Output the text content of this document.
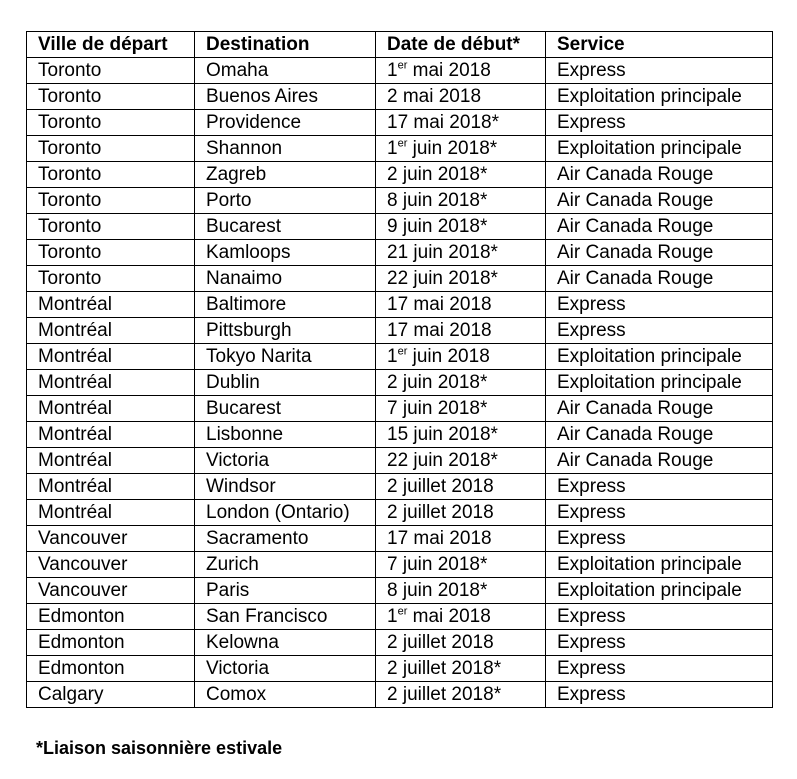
Ville de départ	Destination	Date de début*	Service
Toronto	Omaha	1er mai 2018	Express
Toronto	Buenos Aires	2 mai 2018	Exploitation principale
Toronto	Providence	17 mai 2018*	Express
Toronto	Shannon	1er juin 2018*	Exploitation principale
Toronto	Zagreb	2 juin 2018*	Air Canada Rouge
Toronto	Porto	8 juin 2018*	Air Canada Rouge
Toronto	Bucarest	9 juin 2018*	Air Canada Rouge
Toronto	Kamloops	21 juin 2018*	Air Canada Rouge
Toronto	Nanaimo	22 juin 2018*	Air Canada Rouge
Montréal	Baltimore	17 mai 2018	Express
Montréal	Pittsburgh	17 mai 2018	Express
Montréal	Tokyo Narita	1er juin 2018	Exploitation principale
Montréal	Dublin	2 juin 2018*	Exploitation principale
Montréal	Bucarest	7 juin 2018*	Air Canada Rouge
Montréal	Lisbonne	15 juin 2018*	Air Canada Rouge
Montréal	Victoria	22 juin 2018*	Air Canada Rouge
Montréal	Windsor	2 juillet 2018	Express
Montréal	London (Ontario)	2 juillet 2018	Express
Vancouver	Sacramento	17 mai 2018	Express
Vancouver	Zurich	7 juin 2018*	Exploitation principale
Vancouver	Paris	8 juin 2018*	Exploitation principale
Edmonton	San Francisco	1er mai 2018	Express
Edmonton	Kelowna	2 juillet 2018	Express
Edmonton	Victoria	2 juillet 2018*	Express
Calgary	Comox	2 juillet 2018*	Express
*Liaison saisonnière estivale
